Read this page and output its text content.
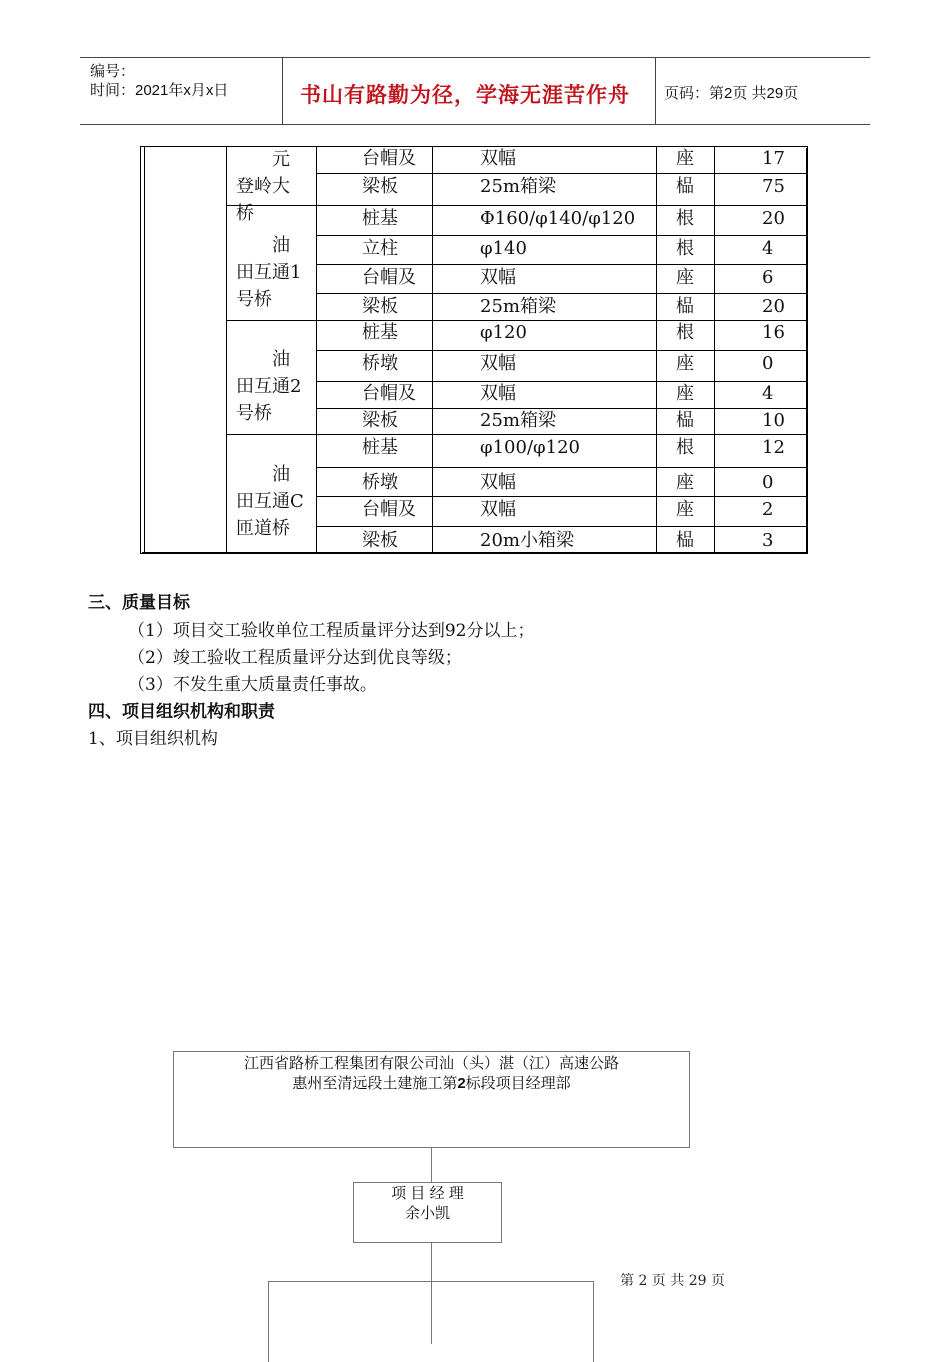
编号：
时间：2021年x月x日	书山有路勤为径，学海无涯苦作舟 页码：第2页 共29页
元
登岭大
桥
台帽及	双幅	座	17
梁板	25m箱梁	榀	75
油
田互通1
号桥
桩基	Φ160/φ140/φ120 根	20
立柱	φ140	根	4
台帽及	双幅	座	6
梁板	25m箱梁	榀	20
油
田互通2
号桥
桩基	φ120	根	16
桥墩	双幅	座	0
台帽及	双幅	座	4
梁板	25m箱梁	榀	10
油
田互通C
匝道桥
桩基	φ100/φ120	根	12
桥墩	双幅	座	0
台帽及	双幅	座	2
梁板	20m小箱梁	榀	3
三、质量目标
（1）项目交工验收单位工程质量评分达到92分以上；
（2）竣工验收工程质量评分达到优良等级；
（3）不发生重大质量责任事故。
四、项目组织机构和职责
1、项目组织机构
江西省路桥工程集团有限公司汕（头）湛（江）高速公路
惠州至清远段土建施工第2标段项目经理部
项 目 经 理
余小凯
第 2 页 共 29 页
